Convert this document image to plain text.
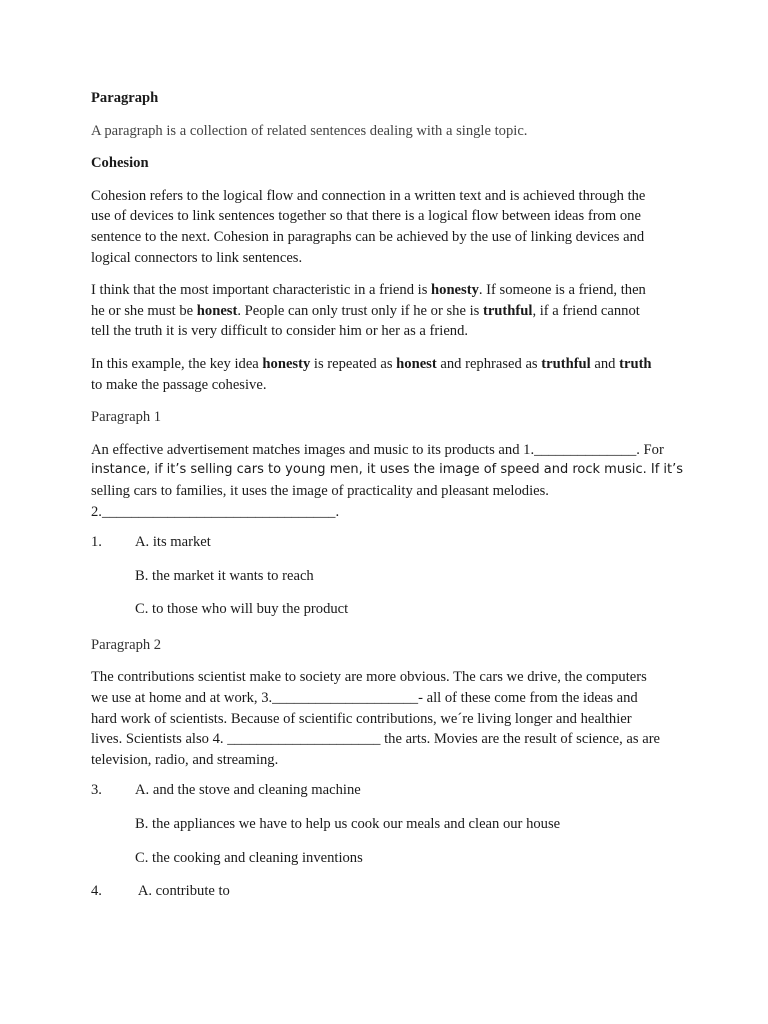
Paragraph

A paragraph is a collection of related sentences dealing with a single topic.

Cohesion

Cohesion refers to the logical flow and connection in a written text and is achieved through the
use of devices to link sentences together so that there is a logical flow between ideas from one
sentence to the next. Cohesion in paragraphs can be achieved by the use of linking devices and
logical connectors to link sentences.
I think that the most important characteristic in a friend is honesty. If someone is a friend, then
he or she must be honest. People can only trust only if he or she is truthful, if a friend cannot
tell the truth it is very difficult to consider him or her as a friend.
In this example, the key idea honesty is repeated as honest and rephrased as truthful and truth
to make the passage cohesive.

Paragraph 1

An effective advertisement matches images and music to its products and 1.______________. For
instance, if it’s selling cars to young men, it uses the image of speed and rock music. If it’s
selling cars to families, it uses the image of practicality and pleasant melodies.
2.________________________________.
1. A. its market
B. the market it wants to reach
C. to those who will buy the product

Paragraph 2

The contributions scientist make to society are more obvious. The cars we drive, the computers
we use at home and at work, 3.____________________- all of these come from the ideas and
hard work of scientists. Because of scientific contributions, we´re living longer and healthier
lives. Scientists also 4. _____________________ the arts. Movies are the result of science, as are
television, radio, and streaming.
3. A. and the stove and cleaning machine
B. the appliances we have to help us cook our meals and clean our house
C. the cooking and cleaning inventions
4. A. contribute to
